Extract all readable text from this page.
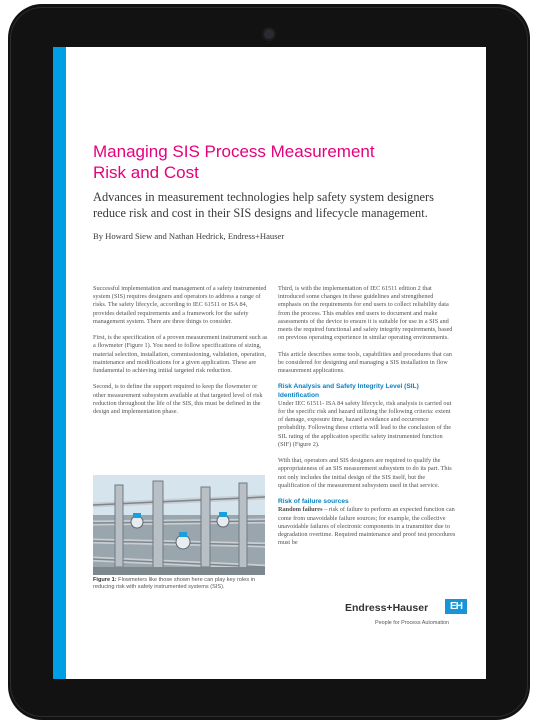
Managing SIS Process Measurement
Risk and Cost

Advances in measurement technologies help safety system designers reduce risk and cost in their SIS designs and lifecycle management.

By Howard Siew and Nathan Hedrick, Endress+Hauser

Successful implementation and management of a safety instrumented system (SIS) requires designers and operators to address a range of risks. The safety lifecycle, according to IEC 61511 or ISA 84, provides detailed requirements and a framework for the safety management system. There are three things to consider.

First, is the specification of a proven measurement instrument such as a flowmeter (Figure 1). You need to follow specifications of sizing, material selection, installation, commissioning, validation, operation, maintenance and modifications for a given application. These are fundamental to achieving initial targeted risk reduction.

Second, is to define the support required to keep the flowmeter or other measurement subsystem available at that targeted level of risk reduction throughout the life of the SIS, this must be defined in the design and implementation phase.

Figure 1: Flowmeters like those shown here can play key roles in reducing risk with safety instrumented systems (SIS).

Third, is with the implementation of IEC 61511 edition 2 that introduced some changes in these guidelines and strengthened emphasis on the requirements for end users to collect reliability data from the process. This enables end users to document and make assessments of the device to ensure it is suitable for use in a SIS and meets the required functional and safety integrity requirements, based on previous operating experience in similar operating environments.

This article describes some tools, capabilities and procedures that can be considered for designing and managing a SIS installation in flow measurement applications.

Risk Analysis and Safety Integrity Level (SIL) Identification

Under IEC 61511- ISA 84 safety lifecycle, risk analysis is carried out for the specific risk and hazard utilizing the following criteria: extent of damage, exposure time, hazard avoidance and occurrence probability. Following these criteria will lead to the conclusion of the SIL rating of the application specific safety instrumented function (SIF) (Figure 2).

With that, operators and SIS designers are required to qualify the appropriateness of an SIS measurement subsystem to do its part. This not only includes the initial design of the SIS itself, but the qualification of the measurement subsystem used in that service.

Risk of failure sources

Random failures – risk of failure to perform an expected function can come from unavoidable failure sources; for example, the collective unavoidable failures of electronic components in a transmitter due to degradation overtime. Required maintenance and proof test procedures must be

Endress+Hauser	EH
People for Process Automation
